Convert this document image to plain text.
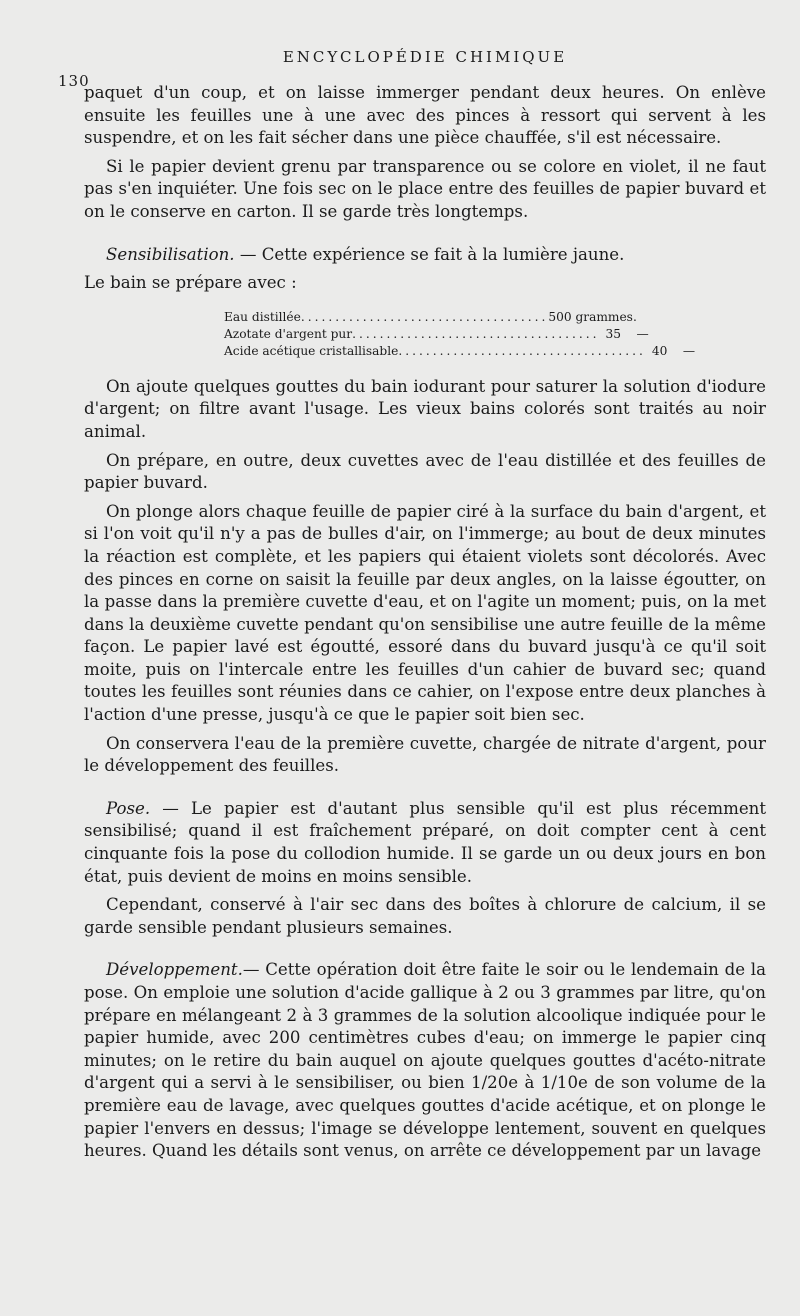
130
ENCYCLOPÉDIE CHIMIQUE

paquet d'un coup, et on laisse immerger pendant deux heures. On enlève ensuite les feuilles une à une avec des pinces à ressort qui servent à les suspendre, et on les fait sécher dans une pièce chauffée, s'il est nécessaire.

Si le papier devient grenu par transparence ou se colore en violet, il ne faut pas s'en inquiéter. Une fois sec on le place entre des feuilles de papier buvard et on le conserve en carton. Il se garde très longtemps.

Sensibilisation. — Cette expérience se fait à la lumière jaune.

Le bain se prépare avec :

Eau distillée.................................... 500 grammes.
Azotate d'argent pur.................................... 35    —
Acide acétique cristallisable.................................... 40    —

On ajoute quelques gouttes du bain iodurant pour saturer la solution d'iodure d'argent; on filtre avant l'usage. Les vieux bains colorés sont traités au noir animal.

On prépare, en outre, deux cuvettes avec de l'eau distillée et des feuilles de papier buvard.

On plonge alors chaque feuille de papier ciré à la surface du bain d'argent, et si l'on voit qu'il n'y a pas de bulles d'air, on l'immerge; au bout de deux minutes la réaction est complète, et les papiers qui étaient violets sont décolorés. Avec des pinces en corne on saisit la feuille par deux angles, on la laisse égoutter, on la passe dans la première cuvette d'eau, et on l'agite un moment; puis, on la met dans la deuxième cuvette pendant qu'on sensibilise une autre feuille de la même façon. Le papier lavé est égoutté, essoré dans du buvard jusqu'à ce qu'il soit moite, puis on l'intercale entre les feuilles d'un cahier de buvard sec; quand toutes les feuilles sont réunies dans ce cahier, on l'expose entre deux planches à l'action d'une presse, jusqu'à ce que le papier soit bien sec.

On conservera l'eau de la première cuvette, chargée de nitrate d'argent, pour le développement des feuilles.

Pose. — Le papier est d'autant plus sensible qu'il est plus récemment sensibilisé; quand il est fraîchement préparé, on doit compter cent à cent cinquante fois la pose du collodion humide. Il se garde un ou deux jours en bon état, puis devient de moins en moins sensible.

Cependant, conservé à l'air sec dans des boîtes à chlorure de calcium, il se garde sensible pendant plusieurs semaines.

Développement.— Cette opération doit être faite le soir ou le lendemain de la pose. On emploie une solution d'acide gallique à 2 ou 3 grammes par litre, qu'on prépare en mélangeant 2 à 3 grammes de la solution alcoolique indiquée pour le papier humide, avec 200 centimètres cubes d'eau; on immerge le papier cinq minutes; on le retire du bain auquel on ajoute quelques gouttes d'acéto-nitrate d'argent qui a servi à le sensibiliser, ou bien 1/20e à 1/10e de son volume de la première eau de lavage, avec quelques gouttes d'acide acétique, et on plonge le papier l'envers en dessus; l'image se développe lentement, souvent en quelques heures. Quand les détails sont venus, on arrête ce développement par un lavage
